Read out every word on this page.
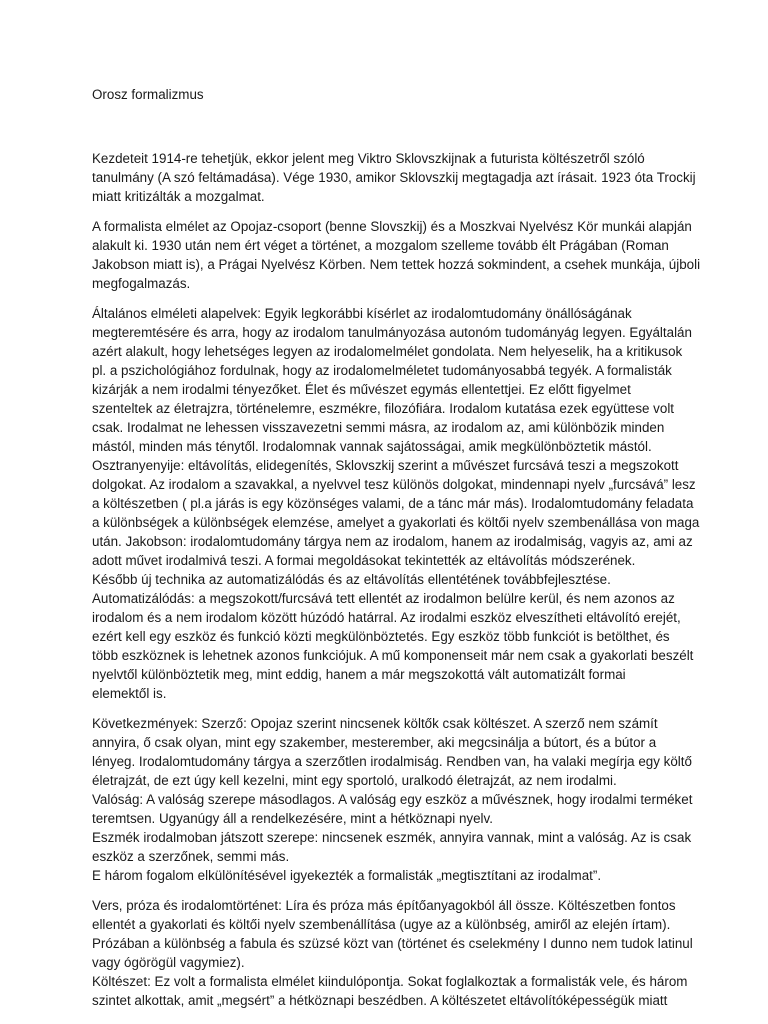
Orosz formalizmus
Kezdeteit 1914-re tehetjük, ekkor jelent meg Viktro Sklovszkijnak a futurista költészetről szóló
tanulmány (A szó feltámadása). Vége 1930, amikor Sklovszkij megtagadja azt írásait. 1923 óta Trockij
miatt kritizálták a mozgalmat.
A formalista elmélet az Opojaz-csoport (benne Slovszkij) és a Moszkvai Nyelvész Kör munkái alapján
alakult ki. 1930 után nem ért véget a történet, a mozgalom szelleme tovább élt Prágában (Roman
Jakobson miatt is), a Prágai Nyelvész Körben. Nem tettek hozzá sokmindent, a csehek munkája, újboli
megfogalmazás.
Általános elméleti alapelvek: Egyik legkorábbi kísérlet az irodalomtudomány önállóságának
megteremtésére és arra, hogy az irodalom tanulmányozása autonóm tudományág legyen. Egyáltalán
azért alakult, hogy lehetséges legyen az irodalomelmélet gondolata. Nem helyeselik, ha a kritikusok
pl. a pszichológiához fordulnak, hogy az irodalomelméletet tudományosabbá tegyék. A formalisták
kizárják a nem irodalmi tényezőket. Élet és művészet egymás ellentettjei. Ez előtt figyelmet
szenteltek az életrajzra, történelemre, eszmékre, filozófiára. Irodalom kutatása ezek együttese volt
csak. Irodalmat ne lehessen visszavezetni semmi másra, az irodalom az, ami különbözik minden
mástól, minden más ténytől. Irodalomnak vannak sajátosságai, amik megkülönböztetik mástól.
Osztranyenyije: eltávolítás, elidegenítés, Sklovszkij szerint a művészet furcsává teszi a megszokott
dolgokat. Az irodalom a szavakkal, a nyelvvel tesz különös dolgokat, mindennapi nyelv „furcsává” lesz
a költészetben ( pl.a járás is egy közönséges valami, de a tánc már más). Irodalomtudomány feladata
a különbségek a különbségek elemzése, amelyet a gyakorlati és költői nyelv szembenállása von maga
után. Jakobson: irodalomtudomány tárgya nem az irodalom, hanem az irodalmiság, vagyis az, ami az
adott művet irodalmivá teszi. A formai megoldásokat tekintették az eltávolítás módszerének.
Később új technika az automatizálódás és az eltávolítás ellentétének továbbfejlesztése.
Automatizálódás: a megszokott/furcsává tett ellentét az irodalmon belülre kerül, és nem azonos az
irodalom és a nem irodalom között húzódó határral. Az irodalmi eszköz elveszítheti eltávolító erejét,
ezért kell egy eszköz és funkció közti megkülönböztetés. Egy eszköz több funkciót is betölthet, és
több eszköznek is lehetnek azonos funkciójuk. A mű komponenseit már nem csak a gyakorlati beszélt
nyelvtől különböztetik meg, mint eddig, hanem a már megszokottá vált automatizált formai
elemektől is.
Következmények: Szerző: Opojaz szerint nincsenek költők csak költészet. A szerző nem számít
annyira, ő csak olyan, mint egy szakember, mesterember, aki megcsinálja a bútort, és a bútor a
lényeg. Irodalomtudomány tárgya a szerzőtlen irodalmiság. Rendben van, ha valaki megírja egy költő
életrajzát, de ezt úgy kell kezelni, mint egy sportoló, uralkodó életrajzát, az nem irodalmi.
Valóság: A valóság szerepe másodlagos. A valóság egy eszköz a művésznek, hogy irodalmi terméket
teremtsen. Ugyanúgy áll a rendelkezésére, mint a hétköznapi nyelv.
Eszmék irodalmoban játszott szerepe: nincsenek eszmék, annyira vannak, mint a valóság. Az is csak
eszköz a szerzőnek, semmi más.
E három fogalom elkülönítésével igyekezték a formalisták „megtisztítani az irodalmat”.
Vers, próza és irodalomtörténet: Líra és próza más építőanyagokból áll össze. Költészetben fontos
ellentét a gyakorlati és költői nyelv szembenállítása (ugye az a különbség, amiről az elején írtam).
Prózában a különbség a fabula és szüzsé közt van (történet és cselekmény I dunno nem tudok latinul
vagy ógörögül vagymiez).
Költészet: Ez volt a formalista elmélet kiindulópontja. Sokat foglalkoztak a formalisták vele, és három
szintet alkottak, amit „megsért” a hétköznapi beszédben. A költészetet eltávolítóképességük miatt
